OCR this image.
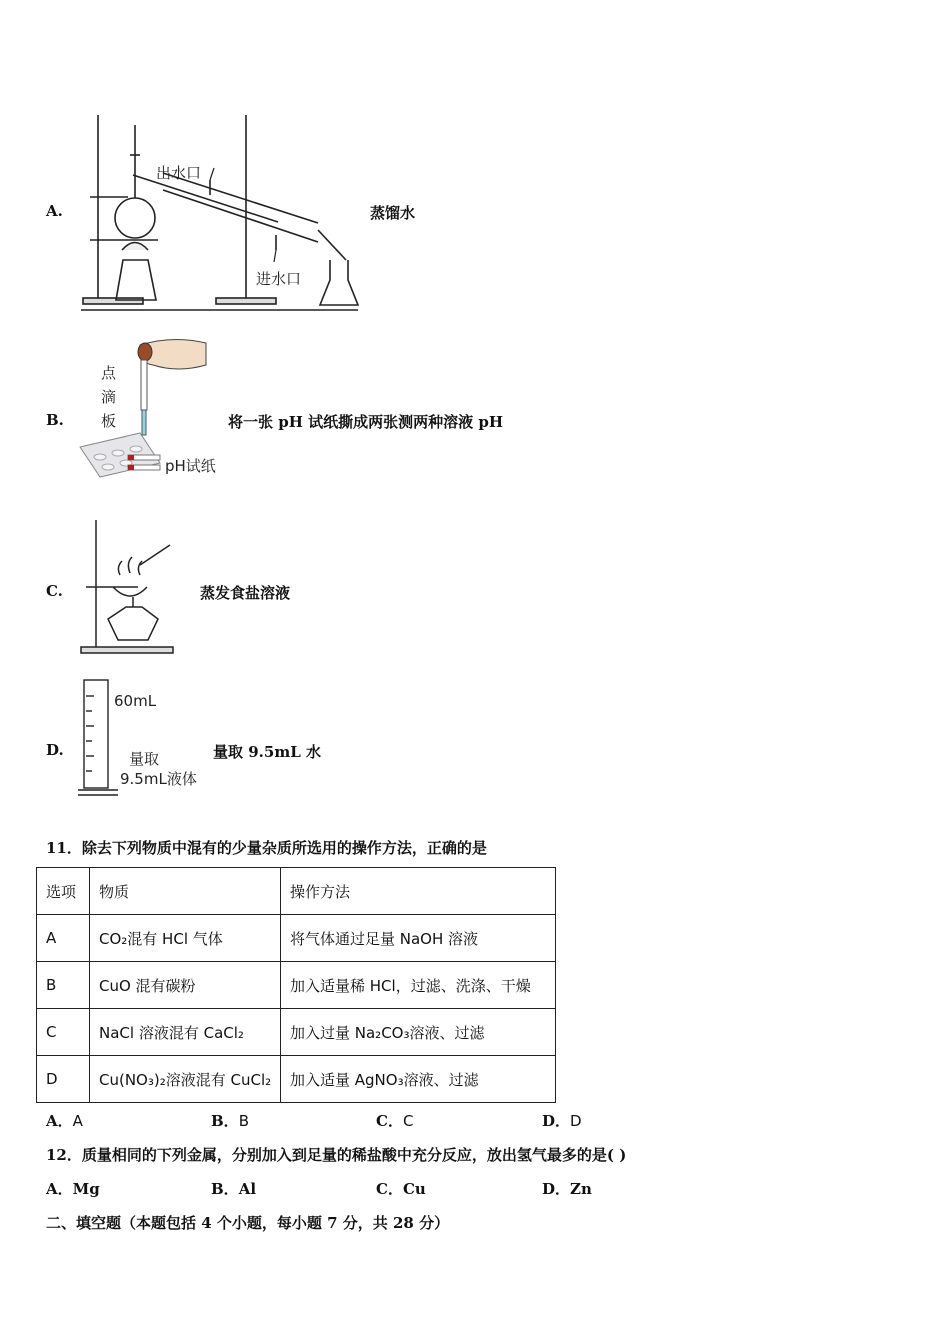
A.
出水口
进水口
蒸馏水
B.
点
滴
板
pH试纸
将一张 pH 试纸撕成两张测两种溶液 pH
C.	蒸发食盐溶液
D.
60mL
量取
9.5mL液体
量取 9.5mL 水
11．除去下列物质中混有的少量杂质所选用的操作方法，正确的是
选项	物质	操作方法
A	CO₂混有 HCl 气体	将气体通过足量 NaOH 溶液
B	CuO 混有碳粉	加入适量稀 HCl，过滤、洗涤、干燥
C	NaCl 溶液混有 CaCl₂	加入过量 Na₂CO₃溶液、过滤
D	Cu(NO₃)₂溶液混有 CuCl₂	加入适量 AgNO₃溶液、过滤
A．A	B．B	C．C	D．D
12．质量相同的下列金属，分别加入到足量的稀盐酸中充分反应，放出氢气最多的是( )
A．Mg	B．Al	C．Cu	D．Zn
二、填空题（本题包括 4 个小题，每小题 7 分，共 28 分）
